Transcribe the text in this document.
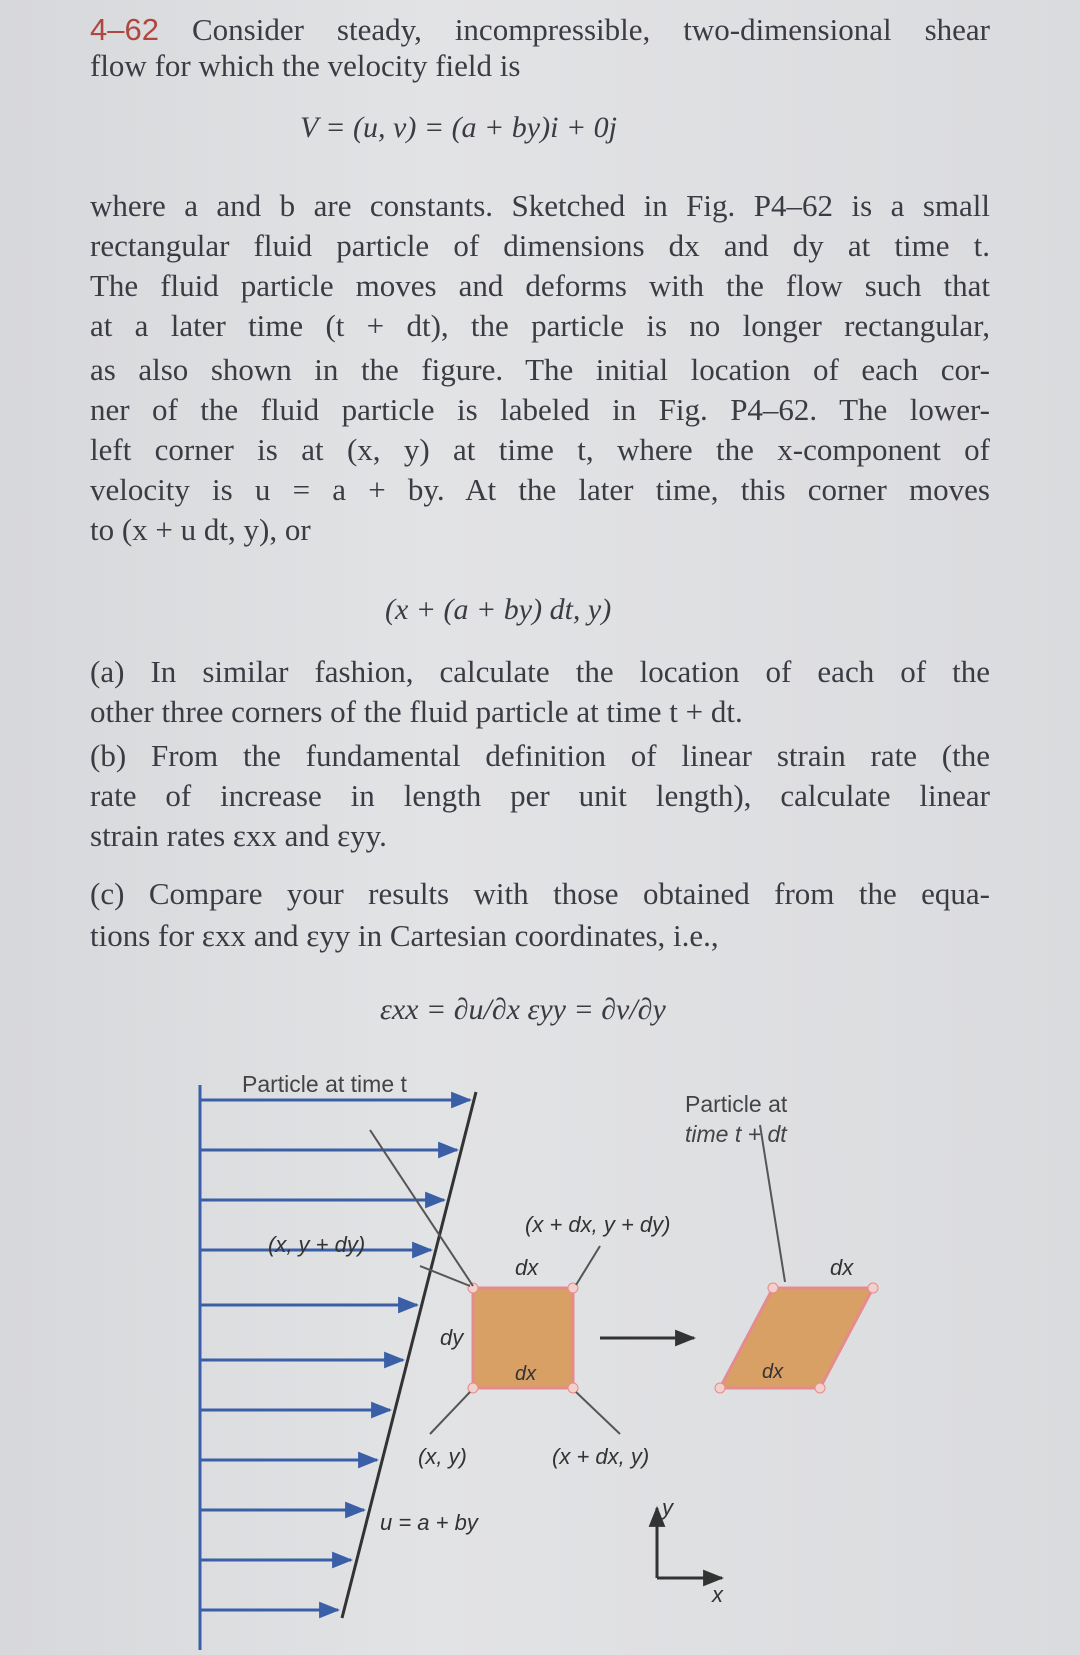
4–62 Consider steady, incompressible, two-dimensional shear
flow for which the velocity field is
V = (u, v) = (a + by)i + 0j
where a and b are constants. Sketched in Fig. P4–62 is a small
rectangular fluid particle of dimensions dx and dy at time t.
The fluid particle moves and deforms with the flow such that
at a later time (t + dt), the particle is no longer rectangular,
as also shown in the figure. The initial location of each cor-
ner of the fluid particle is labeled in Fig. P4–62. The lower-
left corner is at (x, y) at time t, where the x-component of
velocity is u = a + by. At the later time, this corner moves
to (x + u dt, y), or
(x + (a + by) dt, y)
(a) In similar fashion, calculate the location of each of the
other three corners of the fluid particle at time t + dt.
(b) From the fundamental definition of linear strain rate (the
rate of increase in length per unit length), calculate linear
strain rates εxx and εyy.
(c) Compare your results with those obtained from the equa-
tions for εxx and εyy in Cartesian coordinates, i.e.,
εxx = ∂u/∂x εyy = ∂v/∂y
Particle at time t
Particle at
time t + dt
(x, y + dy)
(x + dx, y + dy)
(x, y)	(x + dx, y)
dx
dx
dy
dx
dx
u = a + by
y
x
